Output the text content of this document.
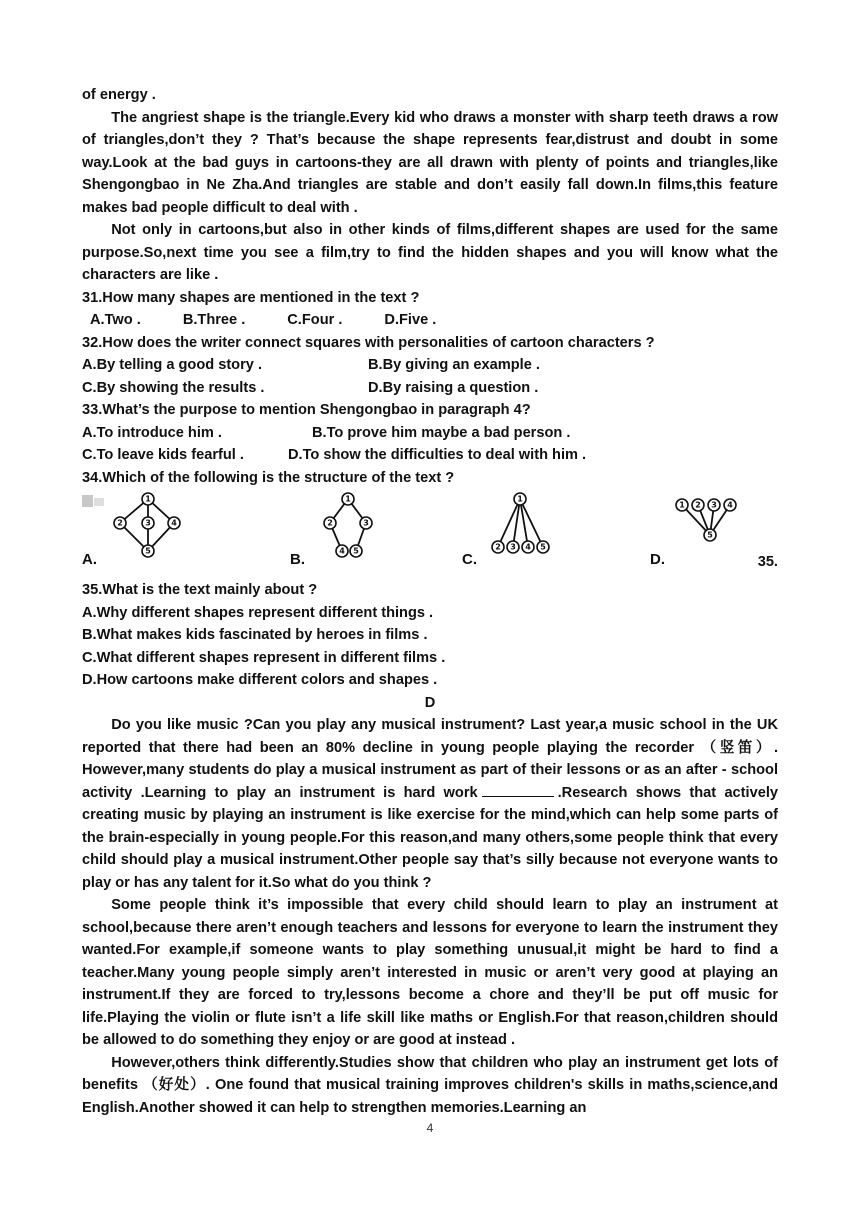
of energy .

The angriest shape is the triangle.Every kid who draws a monster with sharp teeth draws a row of triangles,don’t they ? That’s because the shape represents fear,distrust and doubt in some way.Look at the bad guys in cartoons-they are all drawn with plenty of points and triangles,like Shengongbao in Ne Zha.And triangles are stable and don’t easily fall down.In films,this feature makes bad people difficult to deal with .

Not only in cartoons,but also in other kinds of films,different shapes are used for the same purpose.So,next time you see a film,try to find the hidden shapes and you will know what the characters are like .

31.How many shapes are mentioned in the text ?

A.Two .	B.Three .	C.Four .	D.Five .

32.How does the writer connect squares with personalities of cartoon characters ?

A.By telling a good story .	B.By giving an example .
C.By showing the results .	D.By raising a question .

33.What’s the purpose to mention Shengongbao in paragraph 4?

A.To introduce him .	B.To prove him maybe a bad person .
C.To leave kids fearful .	D.To show the difficulties to deal with him .

34.Which of the following is the structure of the text ?

A.
1
2	3	4
5	B.
1
2	3
4 5	C.
1
2 3 4 5
D.
1 2 3 4
5
35.

35.What is the text mainly about ?

A.Why different shapes represent different things .

B.What makes kids fascinated by heroes in films .

C.What different shapes represent in different films .

D.How cartoons make different colors and shapes .

D

Do you like music ?Can you play any musical instrument? Last year,a music school in the UK reported that there had been an 80% decline in young people playing the recorder （竖笛）. However,many students do play a musical instrument as part of their lessons or as an after - school activity .Learning to play an instrument is hard work	.Research shows that actively creating music by playing an instrument is like exercise for the mind,which can help some parts of the brain-especially in young people.For this reason,and many others,some people think that every child should play a musical instrument.Other people say that’s silly because not everyone wants to play or has any talent for it.So what do you think ?

Some people think it’s impossible that every child should learn to play an instrument at school,because there aren’t enough teachers and lessons for everyone to learn the instrument they wanted.For example,if someone wants to play something unusual,it might be hard to find a teacher.Many young people simply aren’t interested in music or aren’t very good at playing an instrument.If they are forced to try,lessons become a chore and they’ll be put off music for life.Playing the violin or flute isn’t a life skill like maths or English.For that reason,children should be allowed to do something they enjoy or are good at instead .

However,others think differently.Studies show that children who play an instrument get lots of benefits （好处）. One found that musical training improves children's skills in maths,science,and English.Another showed it can help to strengthen memories.Learning an

4
